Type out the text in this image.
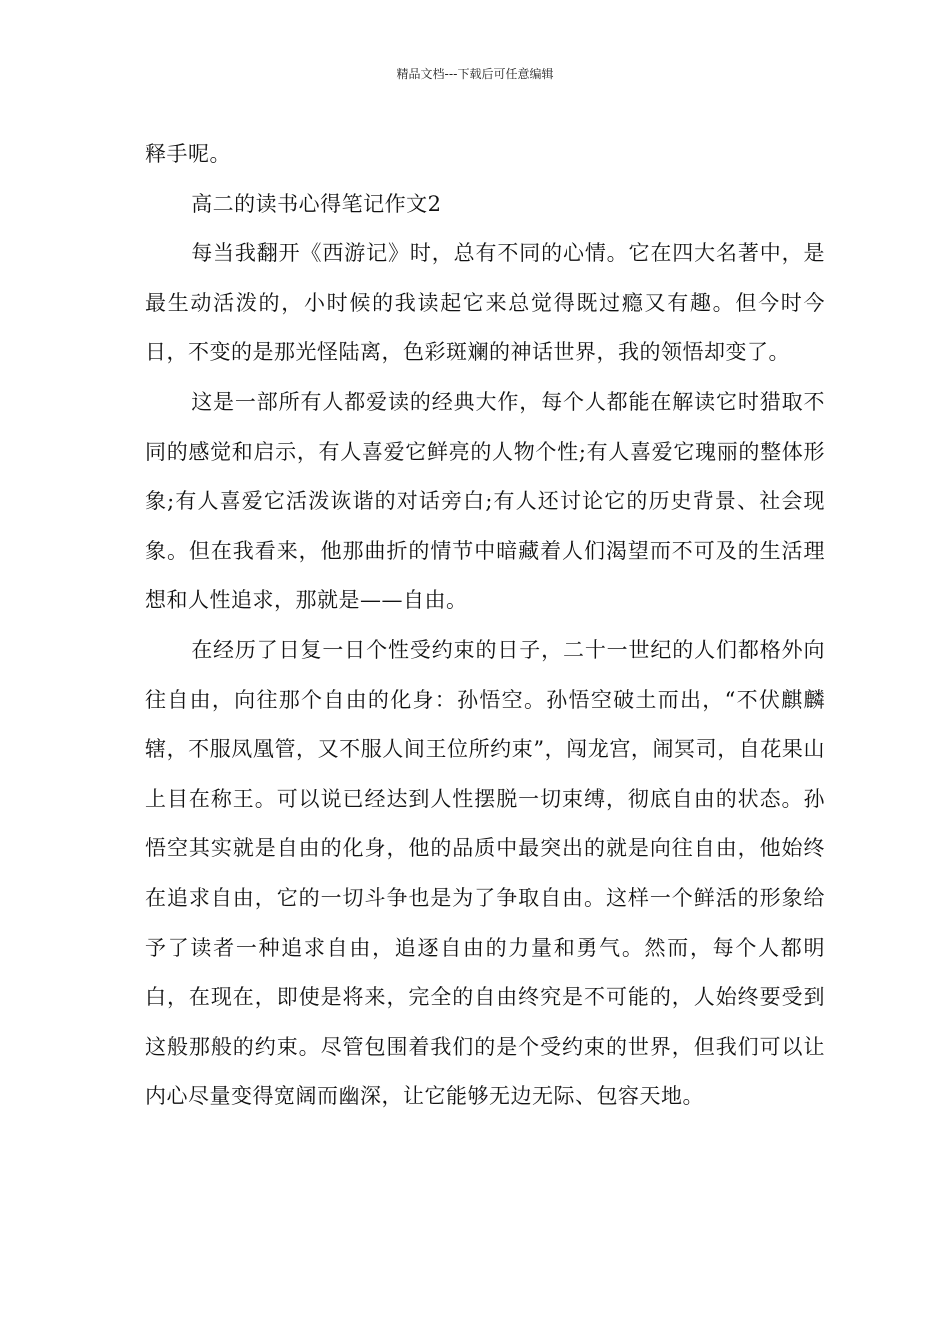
精品文档---下载后可任意编辑

释手呢。

高二的读书心得笔记作文2

每当我翻开《西游记》时，总有不同的心情。它在四大名著中，是最生动活泼的，小时候的我读起它来总觉得既过瘾又有趣。但今时今日，不变的是那光怪陆离，色彩斑斓的神话世界，我的领悟却变了。

这是一部所有人都爱读的经典大作，每个人都能在解读它时猎取不同的感觉和启示，有人喜爱它鲜亮的人物个性;有人喜爱它瑰丽的整体形象;有人喜爱它活泼诙谐的对话旁白;有人还讨论它的历史背景、社会现象。但在我看来，他那曲折的情节中暗藏着人们渴望而不可及的生活理想和人性追求，那就是——自由。

在经历了日复一日个性受约束的日子，二十一世纪的人们都格外向往自由，向往那个自由的化身：孙悟空。孙悟空破土而出，“不伏麒麟辖，不服凤凰管，又不服人间王位所约束”，闯龙宫，闹冥司，自花果山上目在称王。可以说已经达到人性摆脱一切束缚，彻底自由的状态。孙悟空其实就是自由的化身，他的品质中最突出的就是向往自由，他始终在追求自由，它的一切斗争也是为了争取自由。这样一个鲜活的形象给予了读者一种追求自由，追逐自由的力量和勇气。然而，每个人都明白，在现在，即使是将来，完全的自由终究是不可能的，人始终要受到这般那般的约束。尽管包围着我们的是个受约束的世界，但我们可以让内心尽量变得宽阔而幽深，让它能够无边无际、包容天地。
